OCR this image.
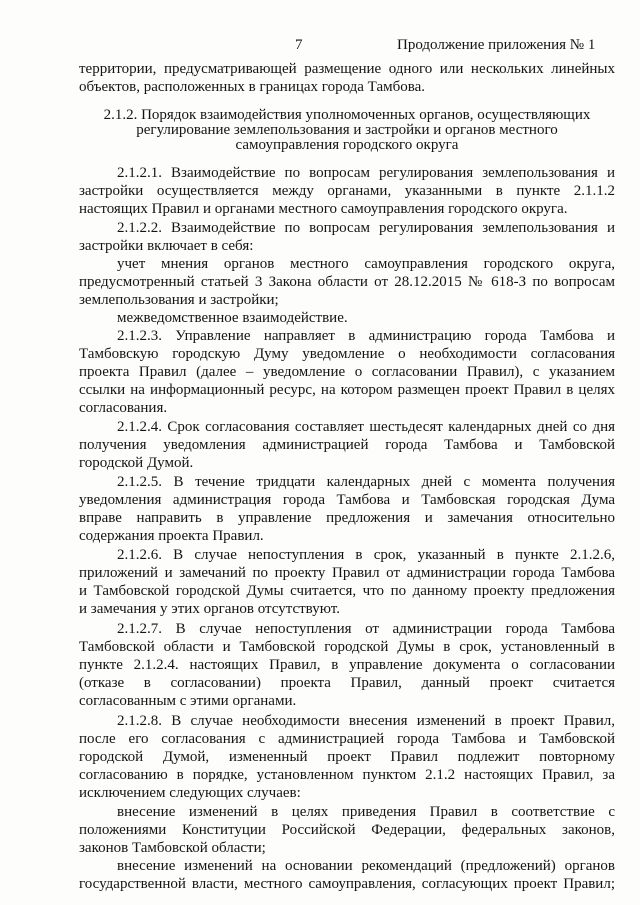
7	Продолжение приложения № 1
территории, предусматривающей размещение одного или нескольких линейных
объектов, расположенных в границах города Тамбова.
2.1.2. Порядок взаимодействия уполномоченных органов, осуществляющих
регулирование землепользования и застройки и органов местного
самоуправления городского округа
2.1.2.1. Взаимодействие по вопросам регулирования землепользования и
застройки осуществляется между органами, указанными в пункте 2.1.1.2
настоящих Правил и органами местного самоуправления городского округа.
2.1.2.2. Взаимодействие по вопросам регулирования землепользования и
застройки включает в себя:
учет мнения органов местного самоуправления городского округа,
предусмотренный статьей 3 Закона области от 28.12.2015 № 618-З по вопросам
землепользования и застройки;
межведомственное взаимодействие.
2.1.2.3. Управление направляет в администрацию города Тамбова и
Тамбовскую городскую Думу уведомление о необходимости согласования
проекта Правил (далее – уведомление о согласовании Правил), с указанием
ссылки на информационный ресурс, на котором размещен проект Правил в целях
согласования.
2.1.2.4. Срок согласования составляет шестьдесят календарных дней со дня
получения уведомления администрацией города Тамбова и Тамбовской
городской Думой.
2.1.2.5. В течение тридцати календарных дней с момента получения
уведомления администрация города Тамбова и Тамбовская городская Дума
вправе направить в управление предложения и замечания относительно
содержания проекта Правил.
2.1.2.6. В случае непоступления в срок, указанный в пункте 2.1.2.6,
приложений и замечаний по проекту Правил от администрации города Тамбова
и Тамбовской городской Думы считается, что по данному проекту предложения
и замечания у этих органов отсутствуют.
2.1.2.7. В случае непоступления от администрации города Тамбова
Тамбовской области и Тамбовской городской Думы в срок, установленный в
пункте 2.1.2.4. настоящих Правил, в управление документа о согласовании
(отказе в согласовании) проекта Правил, данный проект считается
согласованным с этими органами.
2.1.2.8. В случае необходимости внесения изменений в проект Правил,
после его согласования с администрацией города Тамбова и Тамбовской
городской Думой, измененный проект Правил подлежит повторному
согласованию в порядке, установленном пунктом 2.1.2 настоящих Правил, за
исключением следующих случаев:
внесение изменений в целях приведения Правил в соответствие с
положениями Конституции Российской Федерации, федеральных законов,
законов Тамбовской области;
внесение изменений на основании рекомендаций (предложений) органов
государственной власти, местного самоуправления, согласующих проект Правил;
